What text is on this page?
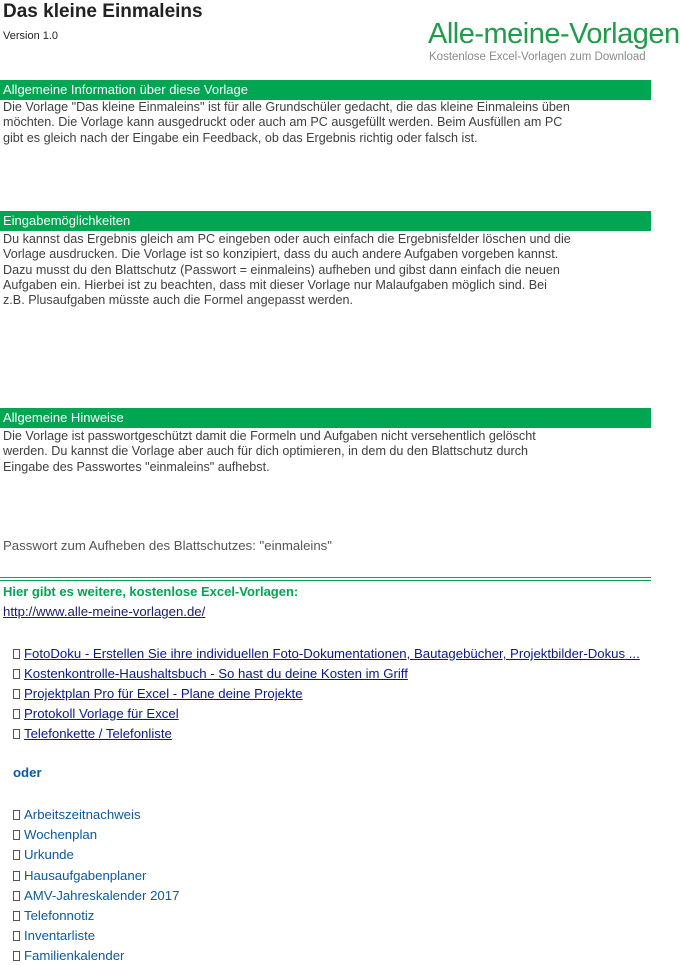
Das kleine Einmaleins
Version 1.0	Alle-meine-Vorlagen
Kostenlose Excel-Vorlagen zum Download
Allgemeine Information über diese Vorlage
Die Vorlage "Das kleine Einmaleins" ist für alle Grundschüler gedacht, die das kleine Einmaleins üben möchten. Die Vorlage kann ausgedruckt oder auch am PC ausgefüllt werden. Beim Ausfüllen am PC gibt es gleich nach der Eingabe ein Feedback, ob das Ergebnis richtig oder falsch ist.
Eingabemöglichkeiten
Du kannst das Ergebnis gleich am PC eingeben oder auch einfach die Ergebnisfelder löschen und die Vorlage ausdrucken. Die Vorlage ist so konzipiert, dass du auch andere Aufgaben vorgeben kannst. Dazu musst du den Blattschutz (Passwort = einmaleins) aufheben und gibst dann einfach die neuen Aufgaben ein. Hierbei ist zu beachten, dass mit dieser Vorlage nur Malaufgaben möglich sind. Bei z.B. Plusaufgaben müsste auch die Formel angepasst werden.
Allgemeine Hinweise
Die Vorlage ist passwortgeschützt damit die Formeln und Aufgaben nicht versehentlich gelöscht werden. Du kannst die Vorlage aber auch für dich optimieren, in dem du den Blattschutz durch Eingabe des Passwortes "einmaleins" aufhebst.
Passwort zum Aufheben des Blattschutzes: "einmaleins"
Hier gibt es weitere, kostenlose Excel-Vorlagen:
http://www.alle-meine-vorlagen.de/
FotoDoku - Erstellen Sie ihre individuellen Foto-Dokumentationen, Bautagebücher, Projektbilder-Dokus ...
Kostenkontrolle-Haushaltsbuch - So hast du deine Kosten im Griff
Projektplan Pro für Excel - Plane deine Projekte
Protokoll Vorlage für Excel
Telefonkette / Telefonliste
oder
Arbeitszeitnachweis
Wochenplan
Urkunde
Hausaufgabenplaner
AMV-Jahreskalender 2017
Telefonnotiz
Inventarliste
Familienkalender
